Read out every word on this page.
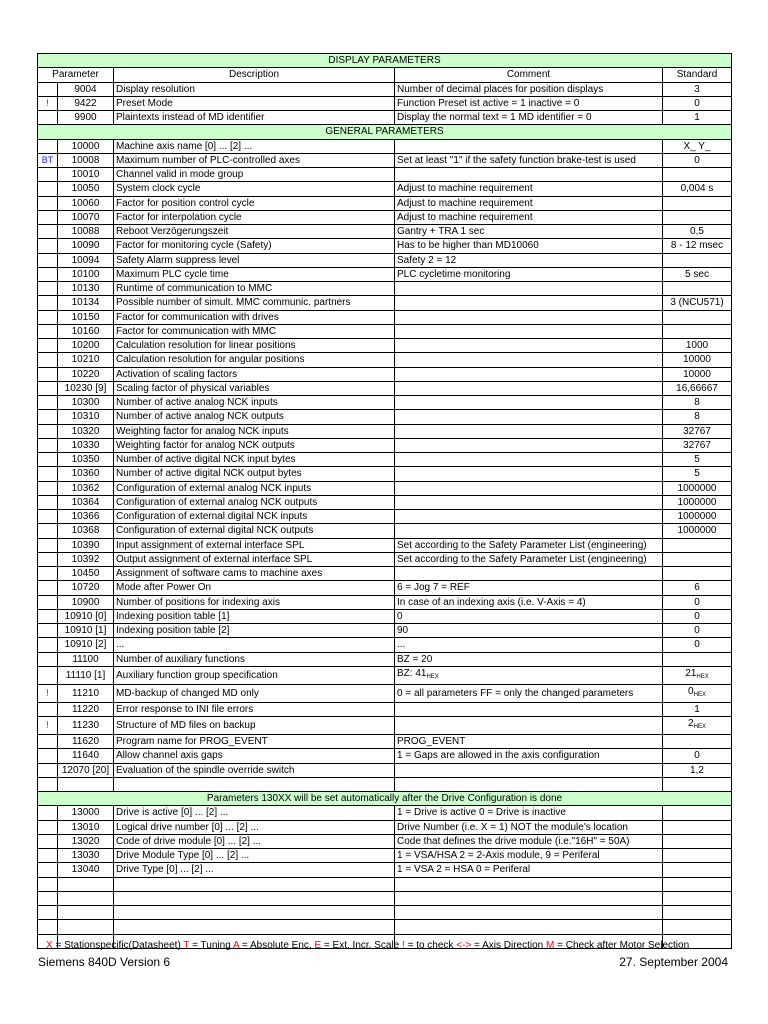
DISPLAY PARAMETERS				
Parameter		Description	Comment	Standard
	9004	Display resolution	Number of decimal places for position displays	3
!	9422	Preset Mode	Function Preset ist active = 1 inactive = 0	0
	9900	Plaintexts instead of MD identifier	Display the normal text = 1 MD identifier = 0	1
GENERAL PARAMETERS				
	10000	Machine axis name [0] ... [2] ...		X_ Y_
BT	10008	Maximum number of PLC-controlled axes	Set at least "1" if the safety function brake-test is used	0
	10010	Channel valid in mode group		
	10050	System clock cycle	Adjust to machine requirement	0,004 s
	10060	Factor for position control cycle	Adjust to machine requirement	
	10070	Factor for interpolation cycle	Adjust to machine requirement	
	10088	Reboot Verzögerungszeit	Gantry + TRA 1 sec	0,5
	10090	Factor for monitoring cycle (Safety)	Has to be higher than MD10060	8 - 12 msec
	10094	Safety Alarm suppress level	Safety 2 = 12	
	10100	Maximum PLC cycle time	PLC cycletime monitoring	5 sec
	10130	Runtime of communication to MMC		
	10134	Possible number of simult. MMC communic. partners		3 (NCU571)
	10150	Factor for communication with drives		
	10160	Factor for communication with MMC		
	10200	Calculation resolution for linear positions		1000
	10210	Calculation resolution for angular positions		10000
	10220	Activation of scaling factors		10000
	10230 [9]	Scaling factor of physical variables		16,66667
	10300	Number of active analog NCK inputs		8
	10310	Number of active analog NCK outputs		8
	10320	Weighting factor for analog NCK inputs		32767
	10330	Weighting factor for analog NCK outputs		32767
	10350	Number of active digital NCK input bytes		5
	10360	Number of active digital NCK output bytes		5
	10362	Configuration of external analog NCK inputs		1000000
	10364	Configuration of external analog NCK outputs		1000000
	10366	Configuration of external digital NCK inputs		1000000
	10368	Configuration of external digital NCK outputs		1000000
	10390	Input assignment of external interface SPL	Set according to the Safety Parameter List (engineering)	
	10392	Output assignment of external interface SPL	Set according to the Safety Parameter List (engineering)	
	10450	Assignment of software cams to machine axes		
	10720	Mode after Power On	6 = Jog 7 = REF	6
	10900	Number of positions for indexing axis	In case of an indexing axis (i.e. V-Axis = 4)	0
	10910 [0]	Indexing position table [1]	0	0
	10910 [1]	Indexing position table [2]	90	0
	10910 [2]	...	...	0
	11100	Number of auxiliary functions	BZ = 20	
	11110 [1]	Auxiliary function group specification	BZ: $41_{HEX}$	$21_{HEX}$
!	11210	MD-backup of changed MD only	0 = all parameters FF = only the changed parameters	$0_{HEX}$
	11220	Error response to INI file errors		1
!	11230	Structure of MD files on backup		$2_{HEX}$
	11620	Program name for PROG_EVENT	PROG_EVENT	
	11640	Allow channel axis gaps	1 = Gaps are allowed in the axis configuration	0
	12070 [20]	Evaluation of the spindle override switch		1,2

Parameters 130XX will be set automatically after the Drive Configuration is done				
	13000	Drive is active [0] ... [2] ...	1 = Drive is active 0 = Drive is inactive	
	13010	Logical drive number [0] ... [2] ...	Drive Number (i.e. X = 1) NOT the module's location	
	13020	Code of drive module [0] ... [2] ...	Code that defines the drive module (i.e."16H" = 50A)	
	13030	Drive Module Type [0] ... [2] ...	1 = VSA/HSA 2 = 2-Axis module, 9 = Periferal	
	13040	Drive Type [0] ... [2] ...	1 = VSA 2 = HSA 0 = Periferal	

X = Stationspecific(Datasheet) T = Tuning A = Absolute Enc. E = Ext. Incr. Scale ! = to check <-> = Axis Direction M = Check after Motor Selection
Siemens 840D Version 6	27. September 2004
